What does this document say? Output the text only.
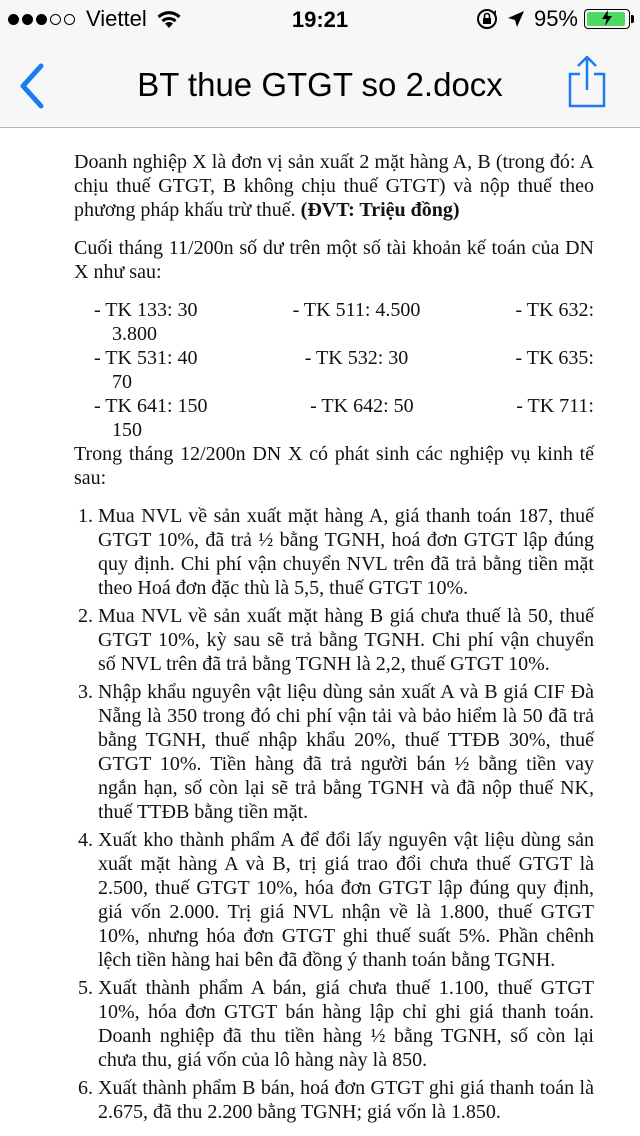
Viettel	19:21	95%
BT thue GTGT so 2.docx

Doanh nghiệp X là đơn vị sản xuất 2 mặt hàng A, B (trong đó: A chịu thuế GTGT, B không chịu thuế GTGT) và nộp thuế theo phương pháp khấu trừ thuế. (ĐVT: Triệu đồng)

Cuối tháng 11/200n số dư trên một số tài khoản kế toán của DN X như sau:

- TK 133: 30	- TK 511: 4.500	- TK 632:
3.800
- TK 531: 40	- TK 532: 30	- TK 635:
70
- TK 641: 150	- TK 642: 50	- TK 711:
150

Trong tháng 12/200n DN X có phát sinh các nghiệp vụ kinh tế sau:

1. Mua NVL về sản xuất mặt hàng A, giá thanh toán 187, thuế GTGT 10%, đã trả ½ bằng TGNH, hoá đơn GTGT lập đúng quy định. Chi phí vận chuyển NVL trên đã trả bằng tiền mặt theo Hoá đơn đặc thù là 5,5, thuế GTGT 10%.
2. Mua NVL về sản xuất mặt hàng B giá chưa thuế là 50, thuế GTGT 10%, kỳ sau sẽ trả bằng TGNH. Chi phí vận chuyển số NVL trên đã trả bằng TGNH là 2,2, thuế GTGT 10%.
3. Nhập khẩu nguyên vật liệu dùng sản xuất A và B giá CIF Đà Nẵng là 350 trong đó chi phí vận tải và bảo hiểm là 50 đã trả bằng TGNH, thuế nhập khẩu 20%, thuế TTĐB 30%, thuế GTGT 10%. Tiền hàng đã trả người bán ½ bằng tiền vay ngắn hạn, số còn lại sẽ trả bằng TGNH và đã nộp thuế NK, thuế TTĐB bằng tiền mặt.
4. Xuất kho thành phẩm A để đổi lấy nguyên vật liệu dùng sản xuất mặt hàng A và B, trị giá trao đổi chưa thuế GTGT là 2.500, thuế GTGT 10%, hóa đơn GTGT lập đúng quy định, giá vốn 2.000. Trị giá NVL nhận về là 1.800, thuế GTGT 10%, nhưng hóa đơn GTGT ghi thuế suất 5%. Phần chênh lệch tiền hàng hai bên đã đồng ý thanh toán bằng TGNH.
5. Xuất thành phẩm A bán, giá chưa thuế 1.100, thuế GTGT 10%, hóa đơn GTGT bán hàng lập chỉ ghi giá thanh toán. Doanh nghiệp đã thu tiền hàng ½ bằng TGNH, số còn lại chưa thu, giá vốn của lô hàng này là 850.
6. Xuất thành phẩm B bán, hoá đơn GTGT ghi giá thanh toán là 2.675, đã thu 2.200 bằng TGNH; giá vốn là 1.850.
